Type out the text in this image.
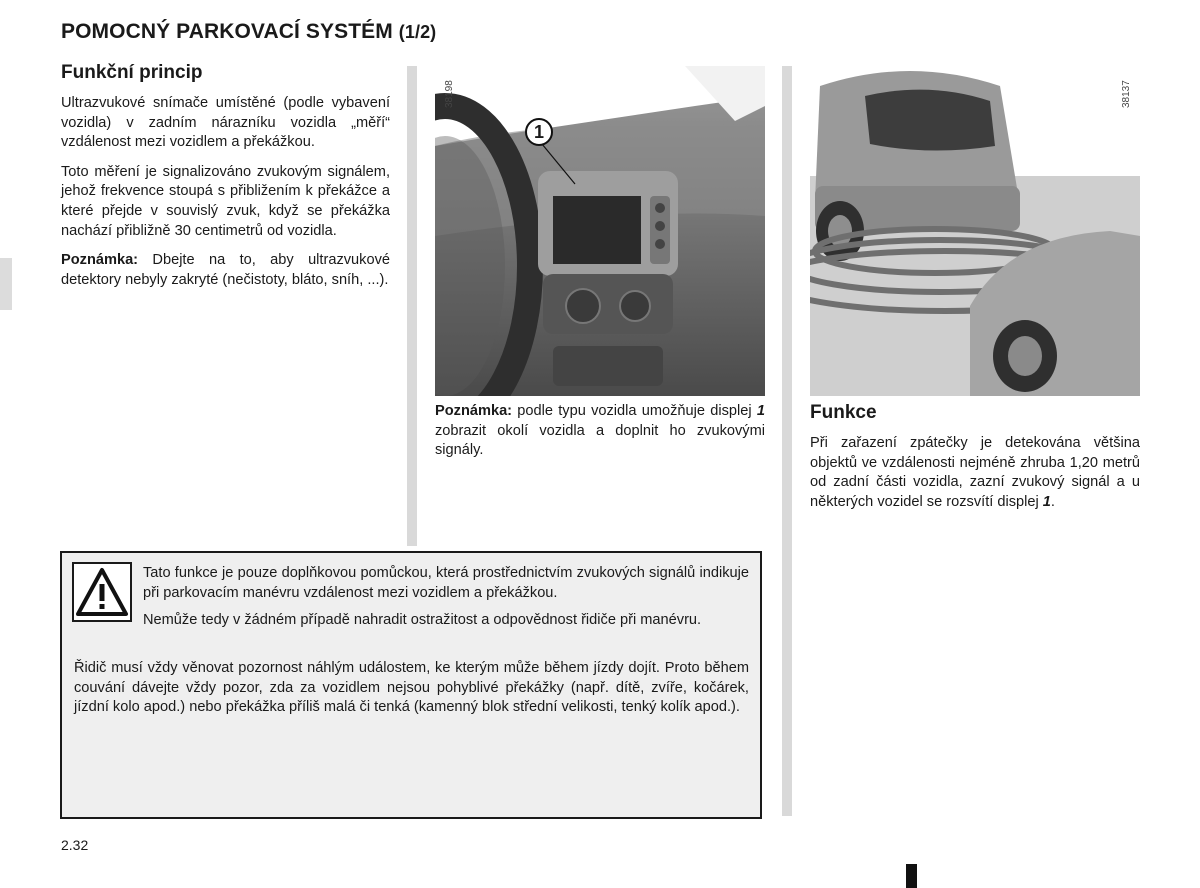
POMOCNÝ PARKOVACÍ SYSTÉM (1/2)
Funkční princip

Ultrazvukové snímače umístěné (podle vybavení vozidla) v zadním nárazníku vozidla „měří“ vzdálenost mezi vozidlem a překážkou.

Toto měření je signalizováno zvukovým signálem, jehož frekvence stoupá s přibližením k překážce a které přejde v souvislý zvuk, když se překážka nachází přibližně 30 centimetrů od vozidla.

Poznámka: Dbejte na to, aby ultrazvukové detektory nebyly zakryté (nečistoty, bláto, sníh, ...).

1
38198

Poznámka: podle typu vozidla umožňuje displej 1 zobrazit okolí vozidla a doplnit ho zvukovými signály.

38137
Funkce

Při zařazení zpátečky je detekována většina objektů ve vzdálenosti nejméně zhruba 1,20 metrů od zadní části vozidla, zazní zvukový signál a u některých vozidel se rozsvítí displej 1.

Tato funkce je pouze doplňkovou pomůckou, která prostřednictvím zvukových signálů indikuje při parkovacím manévru vzdálenost mezi vozidlem a překážkou.

Nemůže tedy v žádném případě nahradit ostražitost a odpovědnost řidiče při manévru.

Řidič musí vždy věnovat pozornost náhlým událostem, ke kterým může během jízdy dojít. Proto během couvání dávejte vždy pozor, zda za vozidlem nejsou pohyblivé překážky (např. dítě, zvíře, kočárek, jízdní kolo apod.) nebo překážka příliš malá či tenká (kamenný blok střední velikosti, tenký kolík apod.).

2.32
